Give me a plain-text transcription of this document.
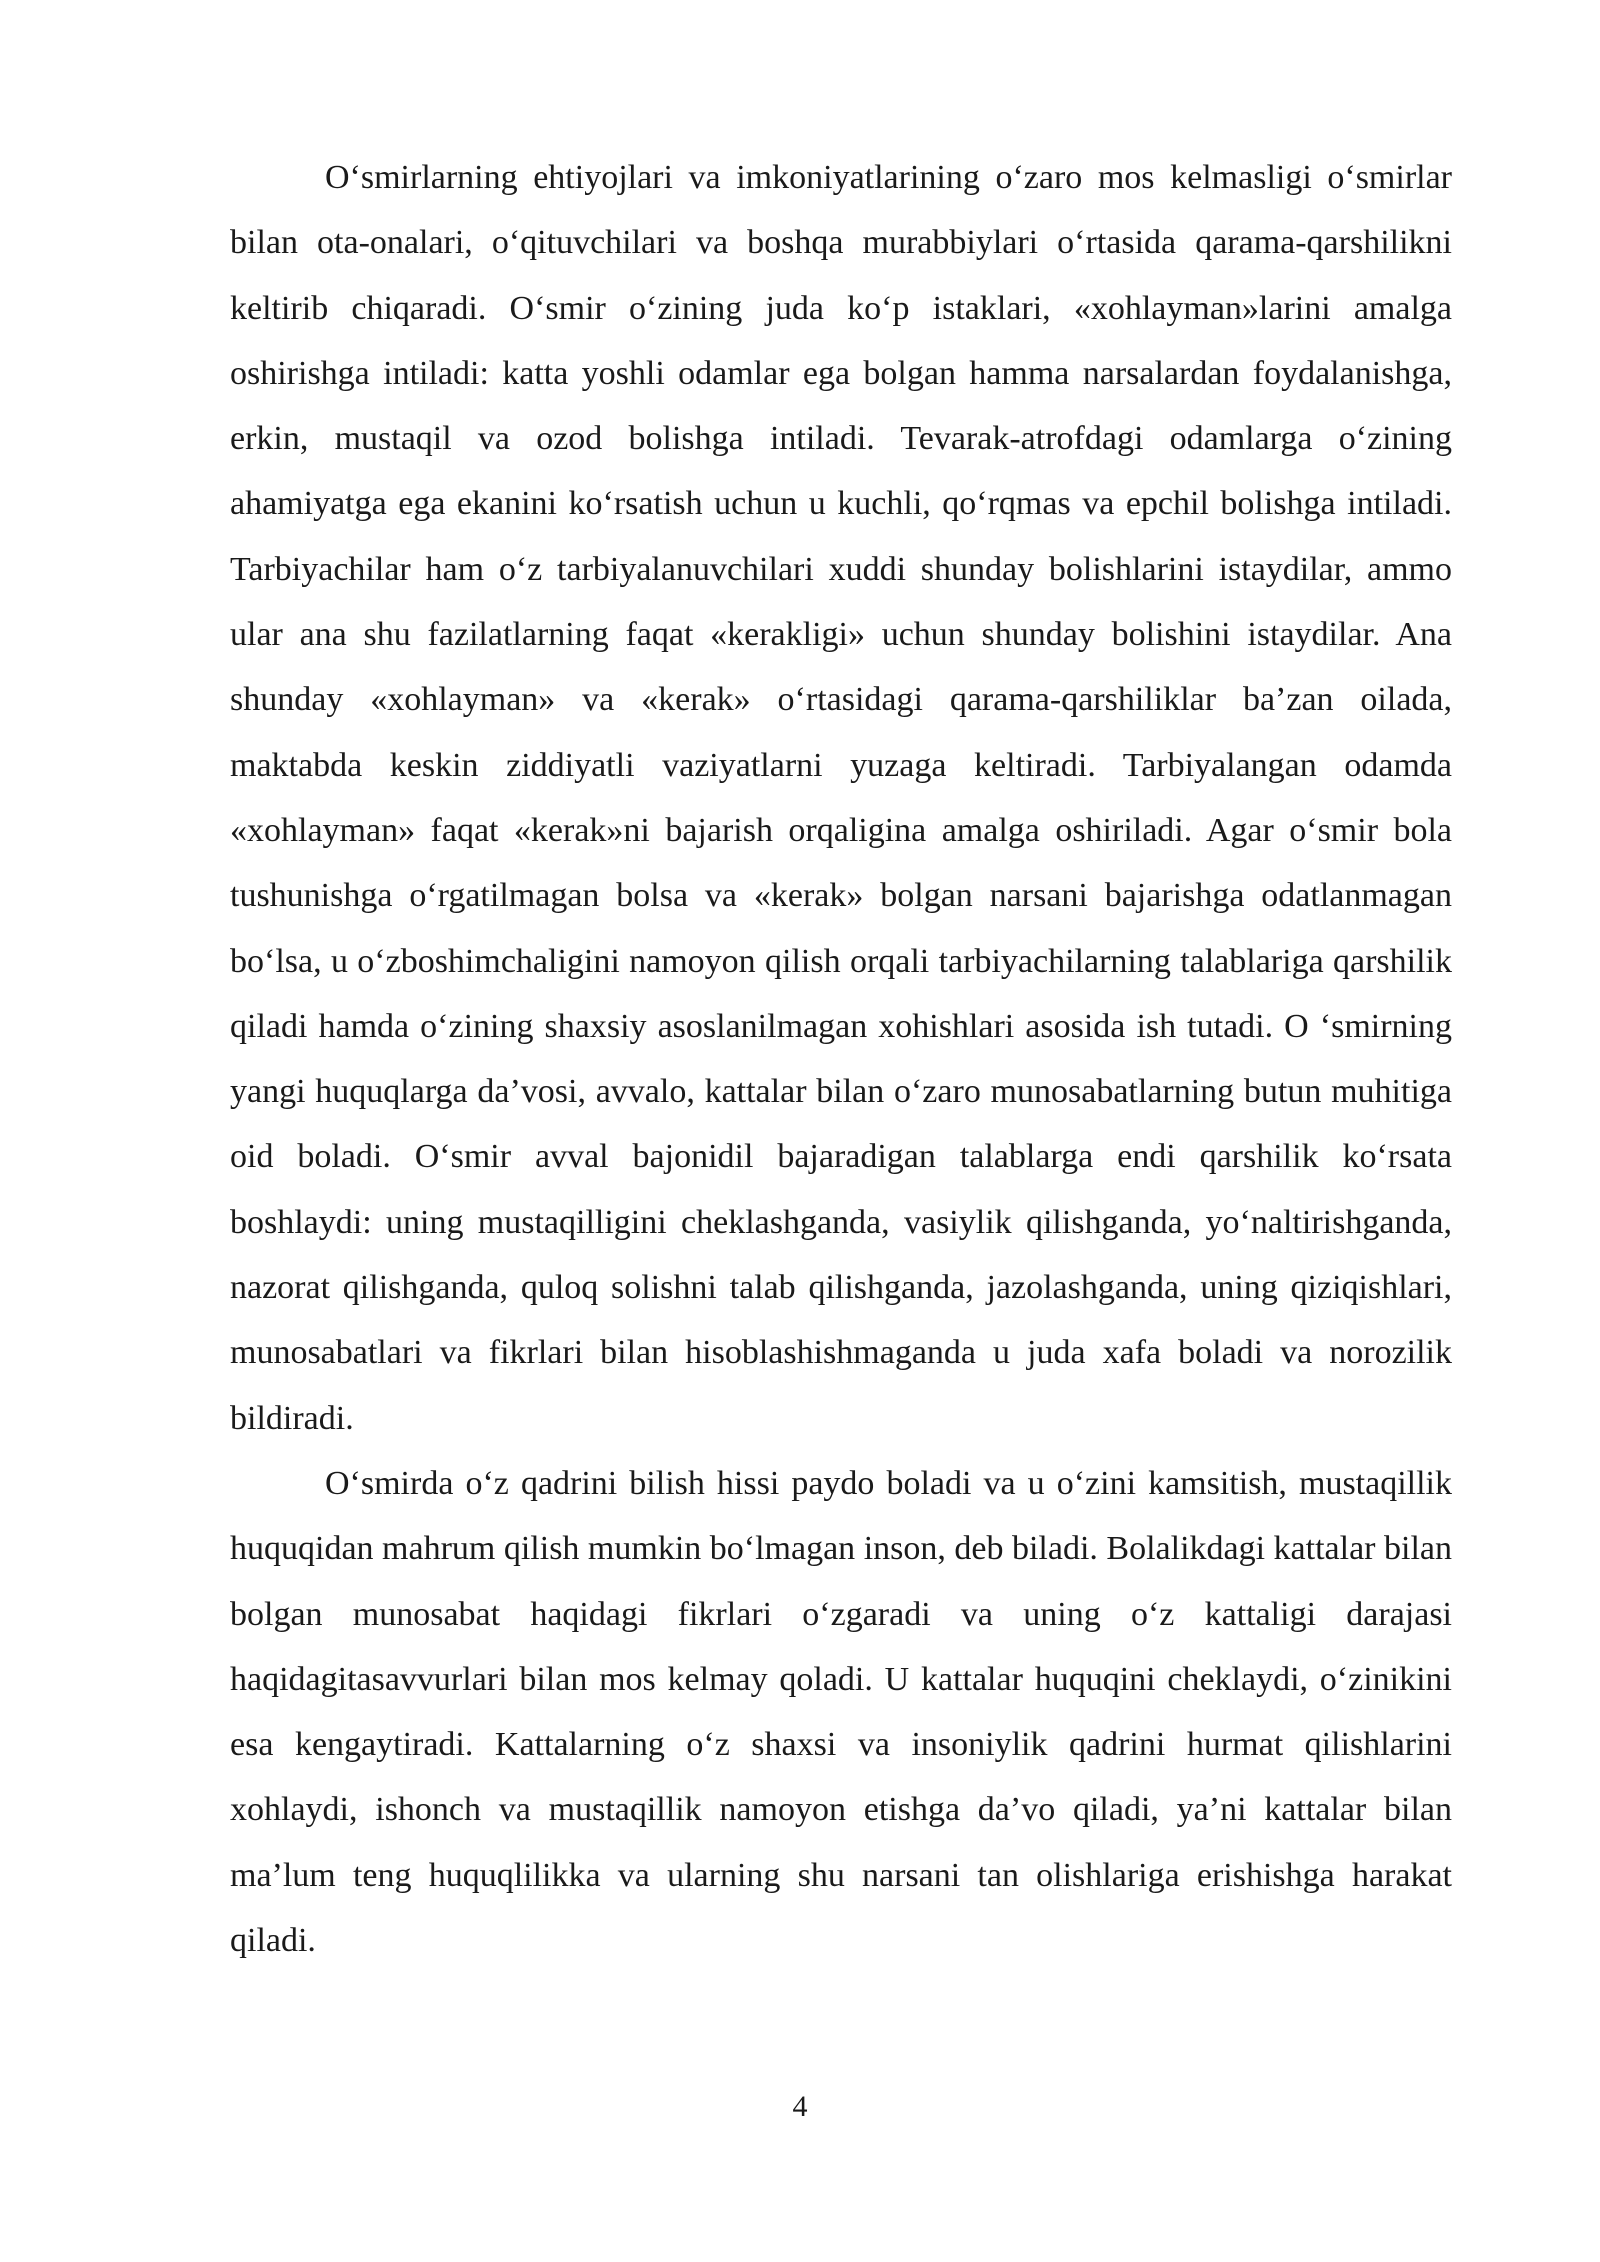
O‘smirlarning ehtiyojlari va imkoniyatlarining o‘zaro mos kelmasligi o‘smirlar bilan ota-onalari, o‘qituvchilari va boshqa murabbiylari o‘rtasida qarama-qarshilikni keltirib chiqaradi. O‘smir o‘zining juda ko‘p istaklari, «xohlayman»larini amalga oshirishga intiladi: katta yoshli odamlar ega bolgan hamma narsalardan foydalanishga, erkin, mustaqil va ozod bolishga intiladi. Tevarak-atrofdagi odamlarga o‘zining ahamiyatga ega ekanini ko‘rsatish uchun u kuchli, qo‘rqmas va epchil bolishga intiladi. Tarbiyachilar ham o‘z tarbiyalanuvchilari xuddi shunday bolishlarini istaydilar, ammo ular ana shu fazilatlarning faqat «kerakligi» uchun shunday bolishini istaydilar. Ana shunday «xohlayman» va «kerak» o‘rtasidagi qarama-qarshiliklar ba’zan oilada, maktabda keskin ziddiyatli vaziyatlarni yuzaga keltiradi. Tarbiyalangan odamda «xohlayman» faqat «kerak»ni bajarish orqaligina amalga oshiriladi. Agar o‘smir bola tushunishga o‘rgatilmagan bolsa va «kerak» bolgan narsani bajarishga odatlanmagan bo‘lsa, u o‘zboshimchaligini namoyon qilish orqali tarbiyachilarning talablariga qarshilik qiladi hamda o‘zining shaxsiy asoslanilmagan xohishlari asosida ish tutadi. O ‘smirning yangi huquqlarga da’vosi, avvalo, kattalar bilan o‘zaro munosabatlarning butun muhitiga oid boladi. O‘smir avval bajonidil bajaradigan talablarga endi qarshilik ko‘rsata boshlaydi: uning mustaqilligini cheklashganda, vasiylik qilishganda, yo‘naltirishganda, nazorat qilishganda, quloq solishni talab qilishganda, jazolashganda, uning qiziqishlari, munosabatlari va fikrlari bilan hisoblashishmaganda u juda xafa boladi va norozilik bildiradi.

O‘smirda o‘z qadrini bilish hissi paydo boladi va u o‘zini kamsitish, mustaqillik huquqidan mahrum qilish mumkin bo‘lmagan inson, deb biladi. Bolalikdagi kattalar bilan bolgan munosabat haqidagi fikrlari o‘zgaradi va uning o‘z kattaligi darajasi haqidagitasavvurlari bilan mos kelmay qoladi. U kattalar huquqini cheklaydi, o‘zinikini esa kengaytiradi. Kattalarning o‘z shaxsi va insoniylik qadrini hurmat qilishlarini xohlaydi, ishonch va mustaqillik namoyon etishga da’vo qiladi, ya’ni kattalar bilan ma’lum teng huquqlilikka va ularning shu narsani tan olishlariga erishishga harakat qiladi.

4
